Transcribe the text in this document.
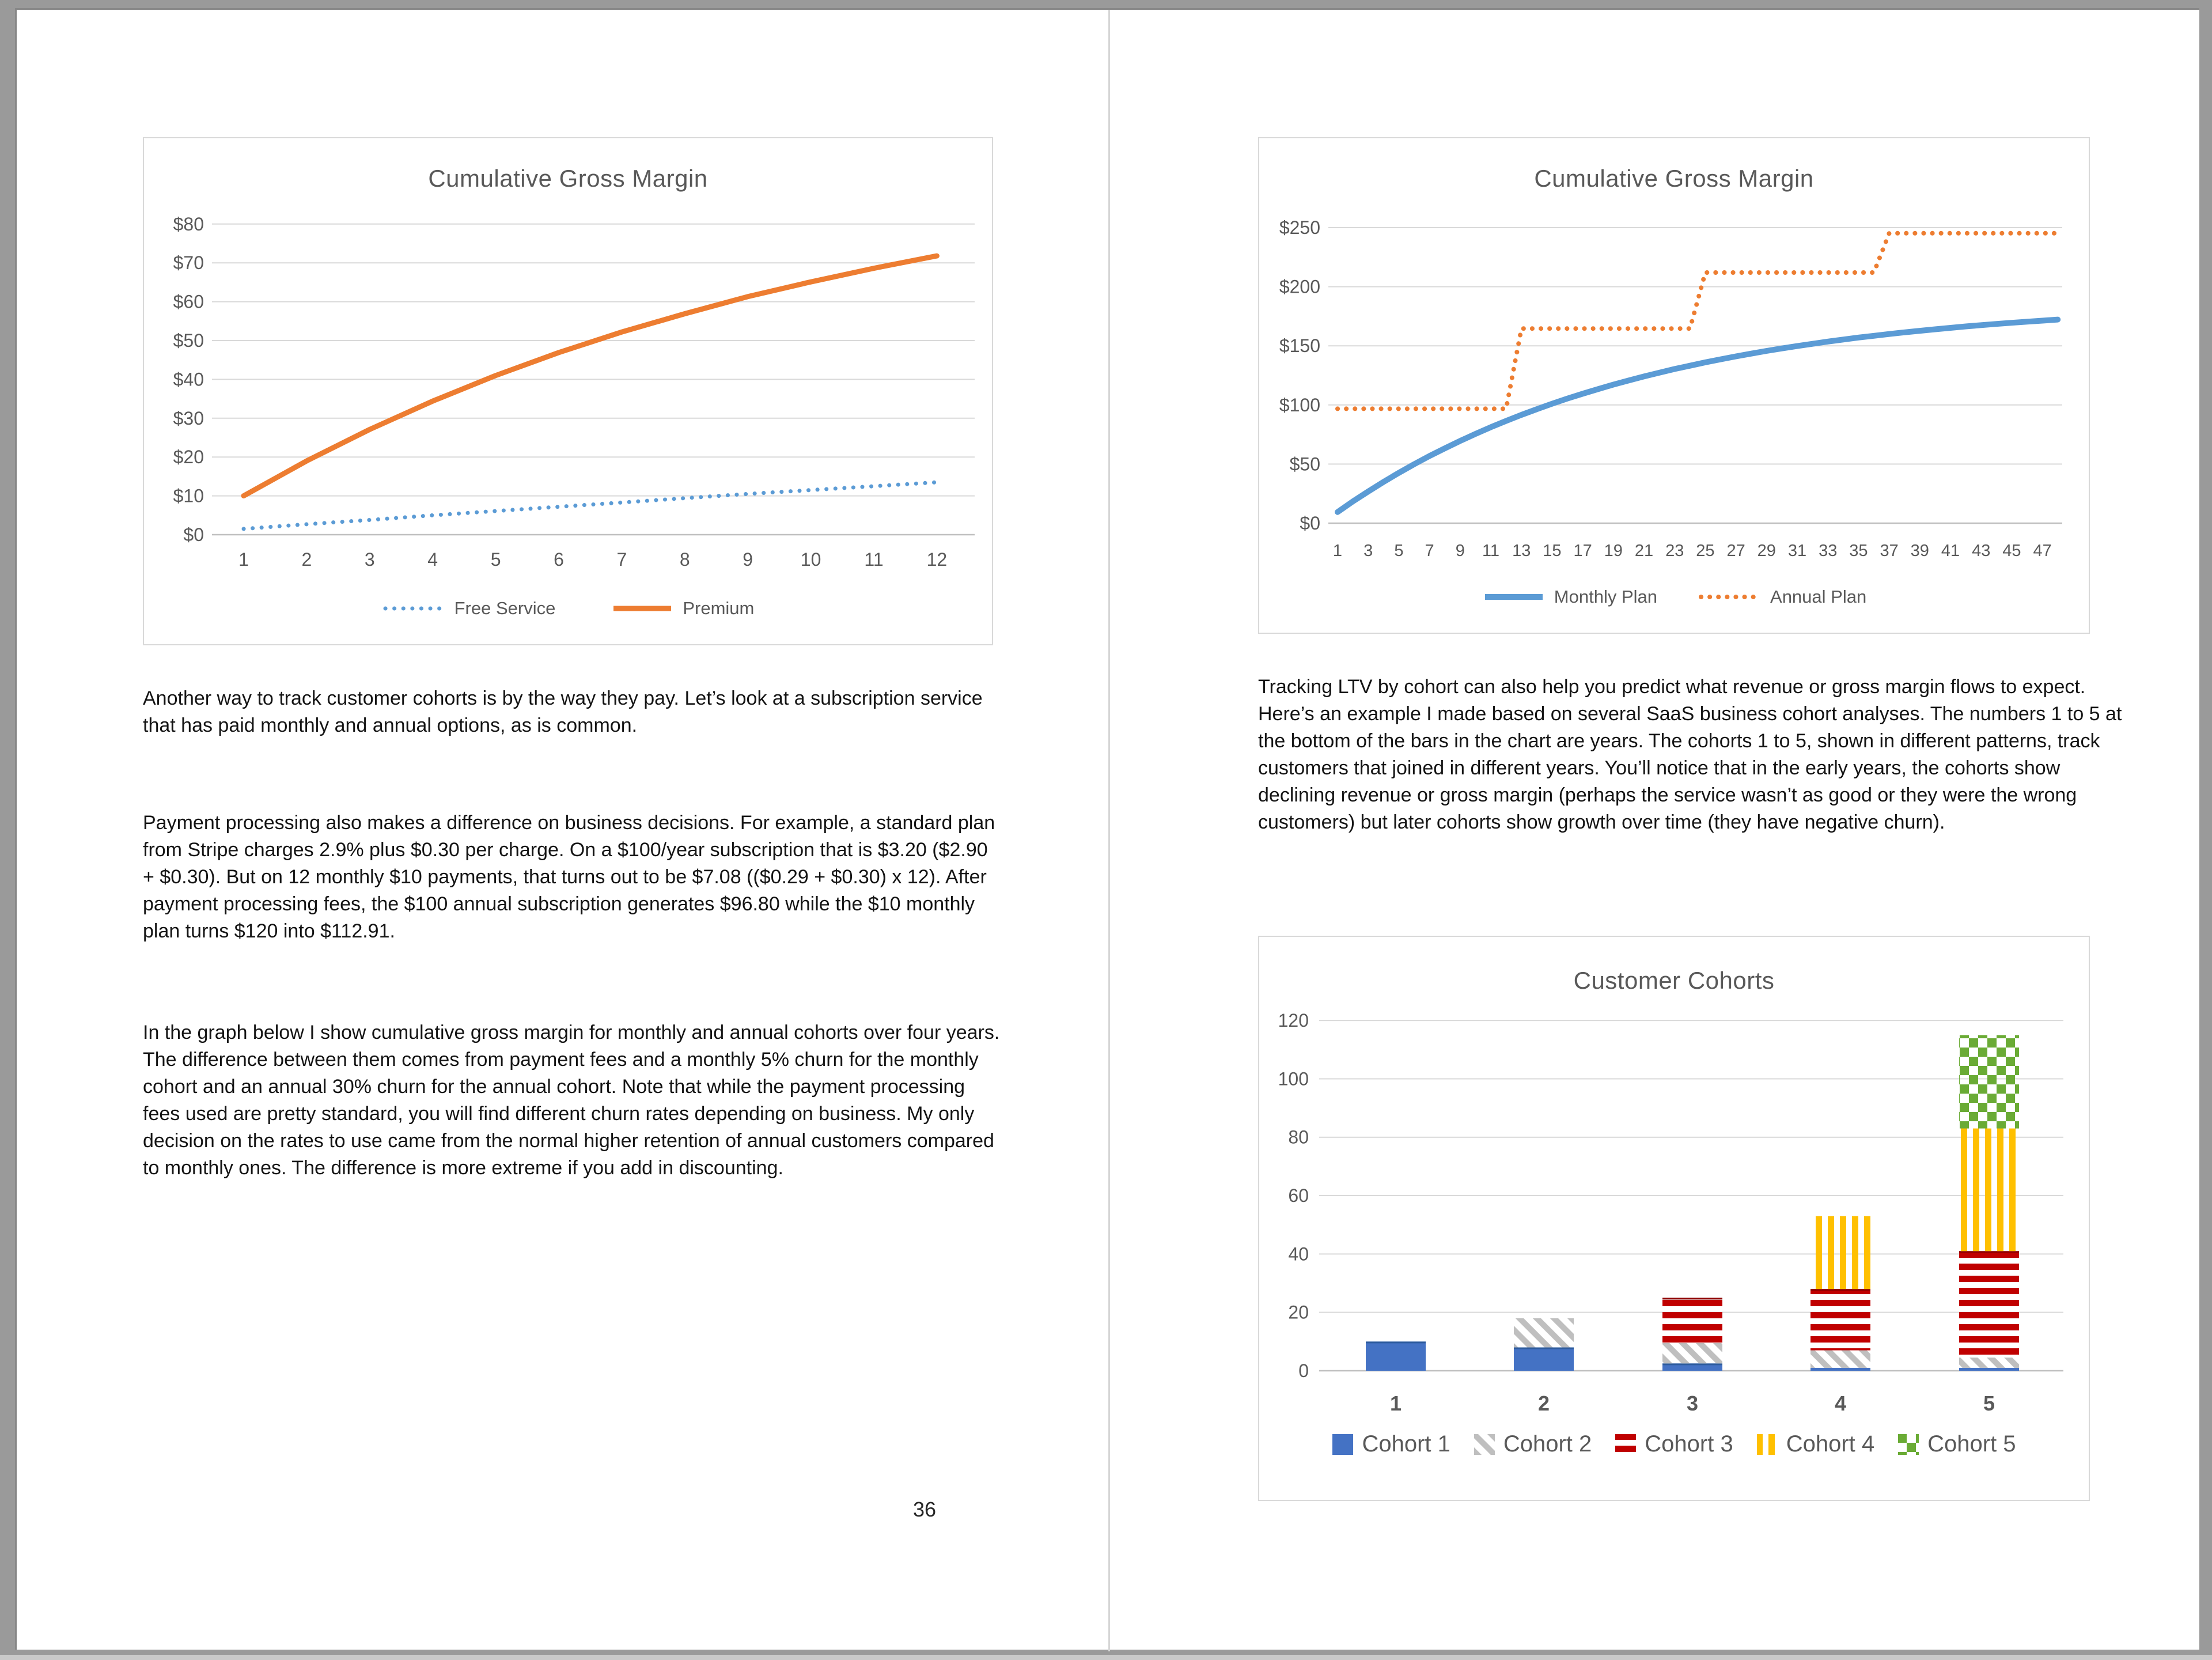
$0
$10
$20
$30
$40
$50
$60
$70
$80
1	2	3	4	5	6	7	8	9	10 11 12
Cumulative Gross Margin
Free Service	Premium

Another way to track customer cohorts is by the way they pay. Let’s look at a subscription service that has paid monthly and annual options, as is common.

Payment processing also makes a difference on business decisions. For example, a standard plan from Stripe charges 2.9% plus $0.30 per charge. On a $100/year subscription that is $3.20 ($2.90 + $0.30). But on 12 monthly $10 payments, that turns out to be $7.08 (($0.29 + $0.30) x 12). After payment processing fees, the $100 annual subscription generates $96.80 while the $10 monthly plan turns $120 into $112.91.

In the graph below I show cumulative gross margin for monthly and annual cohorts over four years. The difference between them comes from payment fees and a monthly 5% churn for the monthly cohort and an annual 30% churn for the annual cohort. Note that while the payment processing fees used are pretty standard, you will find different churn rates depending on business. My only decision on the rates to use came from the normal higher retention of annual customers compared to monthly ones. The difference is more extreme if you add in discounting.

36
$0
$50
$100
$150
$200
$250
1 3 5 7 9 11 13 15 17 19 21 23 25 27 29 31 33 35 37 39 41 43 45 47
Cumulative Gross Margin
Monthly Plan	Annual Plan

Tracking LTV by cohort can also help you predict what revenue or gross margin flows to expect. Here’s an example I made based on several SaaS business cohort analyses. The numbers 1 to 5 at the bottom of the bars in the chart are years. The cohorts 1 to 5, shown in different patterns, track customers that joined in different years. You’ll notice that in the early years, the cohorts show declining revenue or gross margin (perhaps the service wasn’t as good or they were the wrong customers) but later cohorts show growth over time (they have negative churn).

0
20
40
60
80
100
120
1	2	3	4	5
Customer Cohorts
Cohort 1 Cohort 2 Cohort 3 Cohort 4 Cohort 5
